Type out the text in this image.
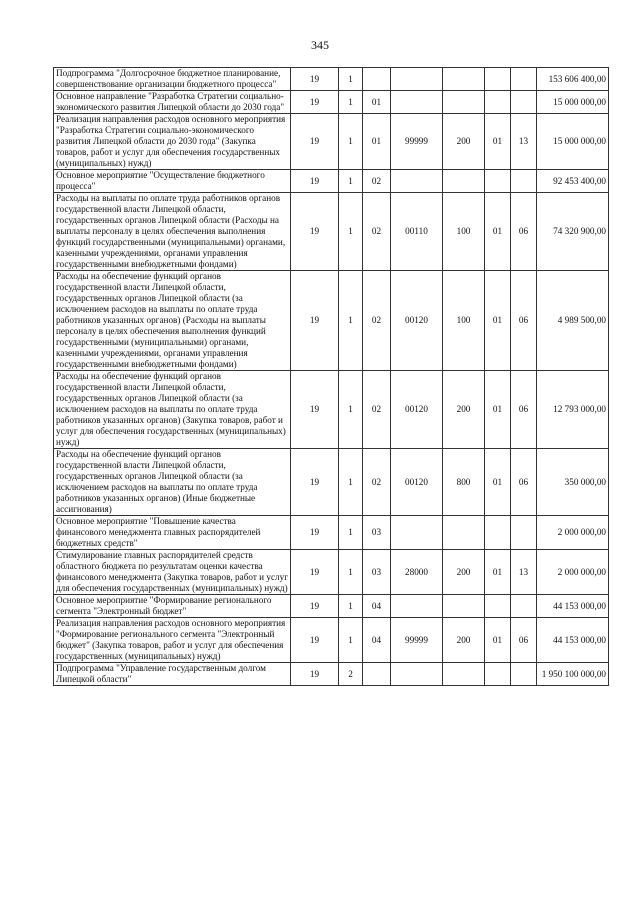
345
Подпрограмма "Долгосрочное бюджетное планирование, совершенствование организации бюджетного процесса"	19	1						153 606 400,00
Основное направление "Разработка Стратегии социально-экономического развития Липецкой области до 2030 года"	19	1	01					15 000 000,00
Реализация направления расходов основного мероприятия "Разработка Стратегии социально-экономического развития Липецкой области до 2030 года" (Закупка товаров, работ и услуг для обеспечения государственных (муниципальных) нужд)	19	1	01	99999	200	01	13	15 000 000,00
Основное мероприятие "Осуществление бюджетного процесса"	19	1	02					92 453 400,00
Расходы на выплаты по оплате труда работников органов государственной власти Липецкой области, государственных органов Липецкой области (Расходы на выплаты персоналу в целях обеспечения выполнения функций государственными (муниципальными) органами, казенными учреждениями, органами управления государственными внебюджетными фондами)	19	1	02	00110	100	01	06	74 320 900,00
Расходы на обеспечение функций органов государственной власти Липецкой области, государственных органов Липецкой области (за исключением расходов на выплаты по оплате труда работников указанных органов) (Расходы на выплаты персоналу в целях обеспечения выполнения функций государственными (муниципальными) органами, казенными учреждениями, органами управления государственными внебюджетными фондами)	19	1	02	00120	100	01	06	4 989 500,00
Расходы на обеспечение функций органов государственной власти Липецкой области, государственных органов Липецкой области (за исключением расходов на выплаты по оплате труда работников указанных органов) (Закупка товаров, работ и услуг для обеспечения государственных (муниципальных) нужд)	19	1	02	00120	200	01	06	12 793 000,00
Расходы на обеспечение функций органов государственной власти Липецкой области, государственных органов Липецкой области (за исключением расходов на выплаты по оплате труда работников указанных органов) (Иные бюджетные ассигнования)	19	1	02	00120	800	01	06	350 000,00
Основное мероприятие "Повышение качества финансового менеджмента главных распорядителей бюджетных средств"	19	1	03					2 000 000,00
Стимулирование главных распорядителей средств областного бюджета по результатам оценки качества финансового менеджмента (Закупка товаров, работ и услуг для обеспечения государственных (муниципальных) нужд)	19	1	03	28000	200	01	13	2 000 000,00
Основное мероприятие "Формирование регионального сегмента "Электронный бюджет"	19	1	04					44 153 000,00
Реализация направления расходов основного мероприятия "Формирование регионального сегмента "Электронный бюджет" (Закупка товаров, работ и услуг для обеспечения государственных (муниципальных) нужд)	19	1	04	99999	200	01	06	44 153 000,00
Подпрограмма "Управление государственным долгом Липецкой области"	19	2						1 950 100 000,00
